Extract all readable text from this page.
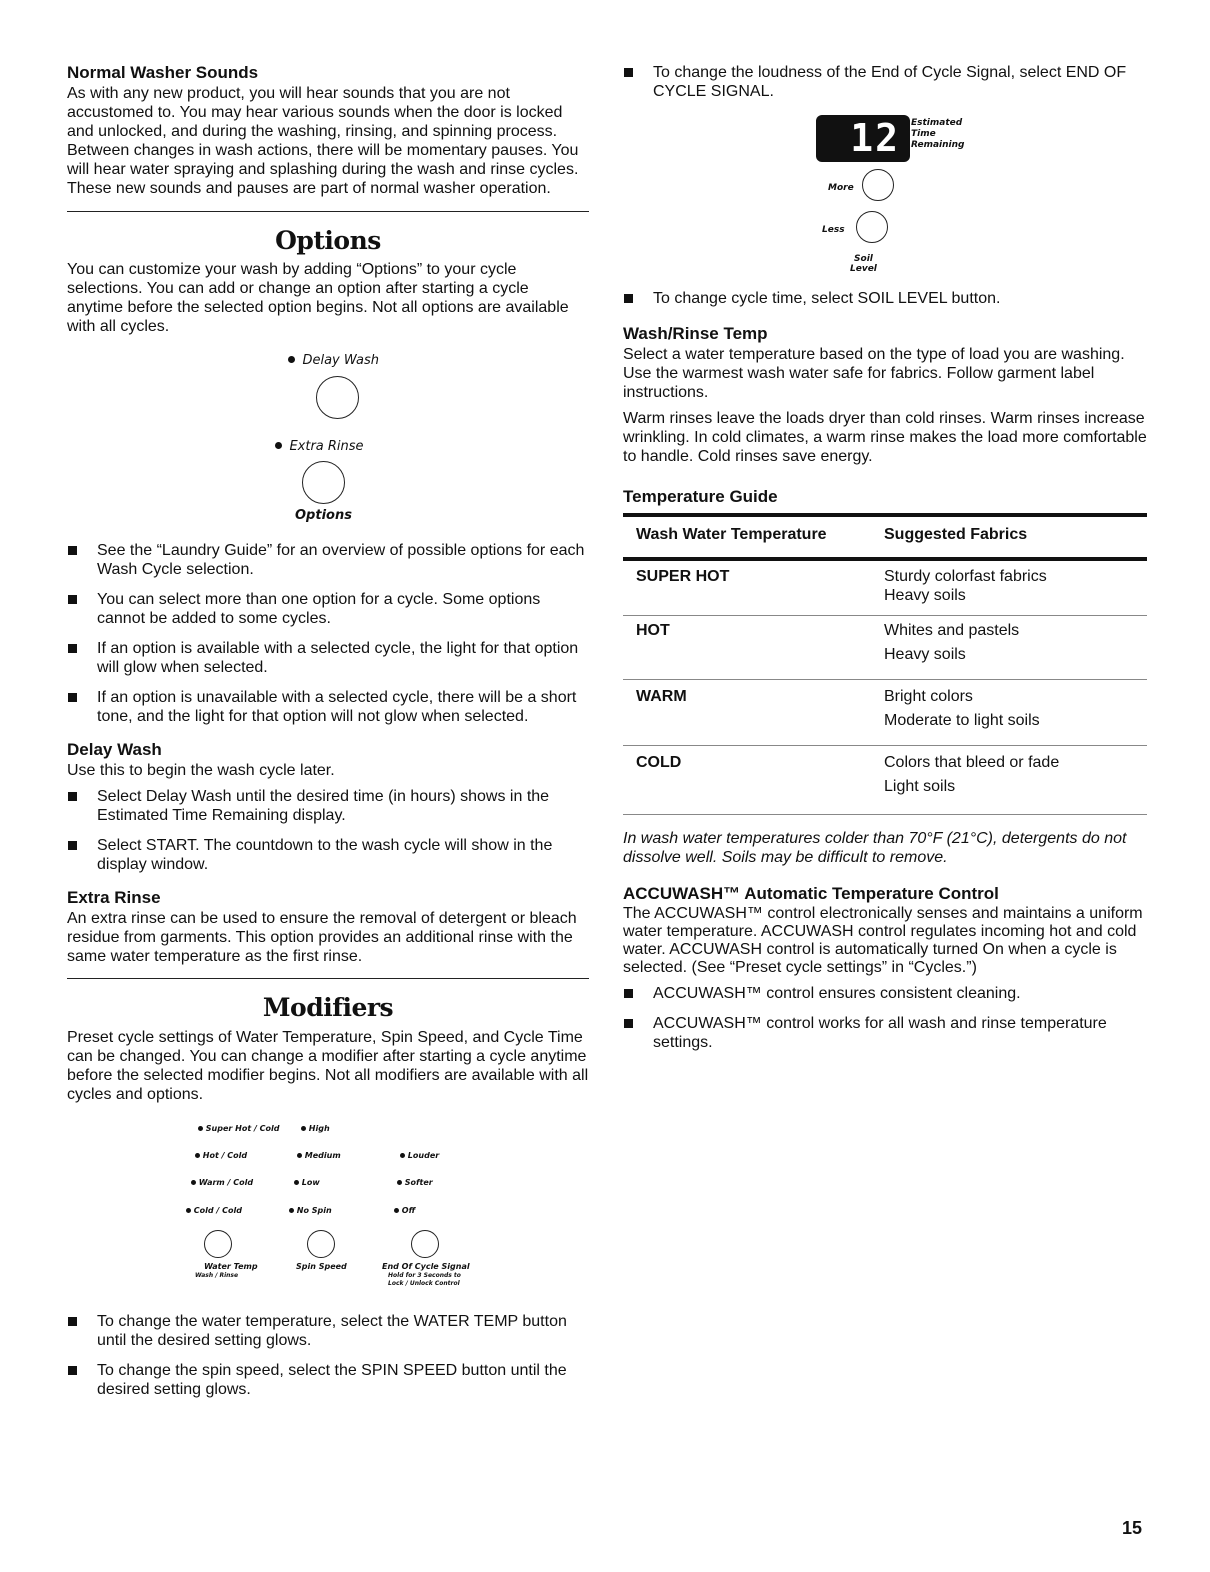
Normal Washer Sounds

As with any new product, you will hear sounds that you are not accustomed to. You may hear various sounds when the door is locked and unlocked, and during the washing, rinsing, and spinning process. Between changes in wash actions, there will be momentary pauses. You will hear water spraying and splashing during the wash and rinse cycles. These new sounds and pauses are part of normal washer operation.

Options

You can customize your wash by adding “Options” to your cycle selections. You can add or change an option after starting a cycle anytime before the selected option begins. Not all options are available with all cycles.

Delay Wash
Extra Rinse
Options
See the “Laundry Guide” for an overview of possible options for each Wash Cycle selection.
You can select more than one option for a cycle. Some options cannot be added to some cycles.
If an option is available with a selected cycle, the light for that option will glow when selected.
If an option is unavailable with a selected cycle, there will be a short tone, and the light for that option will not glow when selected.
Delay Wash

Use this to begin the wash cycle later.

Select Delay Wash until the desired time (in hours) shows in the Estimated Time Remaining display.
Select START. The countdown to the wash cycle will show in the display window.
Extra Rinse

An extra rinse can be used to ensure the removal of detergent or bleach residue from garments. This option provides an additional rinse with the same water temperature as the first rinse.

Modifiers

Preset cycle settings of Water Temperature, Spin Speed, and Cycle Time can be changed. You can change a modifier after starting a cycle anytime before the selected modifier begins. Not all modifiers are available with all cycles and options.

Super Hot / Cold
Hot / Cold
Warm / Cold
Cold / Cold
Water Temp
Wash / Rinse
High
Medium
Low
No Spin
Spin Speed
Louder
Softer
Off
End Of Cycle Signal
Hold for 3 Seconds to
Lock / Unlock Control
To change the water temperature, select the WATER TEMP button until the desired setting glows.
To change the spin speed, select the SPIN SPEED button until the desired setting glows.
To change the loudness of the End of Cycle Signal, select END OF CYCLE SIGNAL.
12	Estimated
Time
Remaining
More
Less
Soil
Level
To change cycle time, select SOIL LEVEL button.
Wash/Rinse Temp

Select a water temperature based on the type of load you are washing. Use the warmest wash water safe for fabrics. Follow garment label instructions.

Warm rinses leave the loads dryer than cold rinses. Warm rinses increase wrinkling. In cold climates, a warm rinse makes the load more comfortable to handle. Cold rinses save energy.

Temperature Guide
Wash Water Temperature	Suggested Fabrics
SUPER HOT	Sturdy colorfast fabrics
Heavy soils

HOT	Whites and pastels
Heavy soils

WARM	Bright colors
Moderate to light soils

COLD	Colors that bleed or fade
Light soils

In wash water temperatures colder than 70°F (21°C), detergents do not dissolve well. Soils may be difficult to remove.

ACCUWASH™ Automatic Temperature Control

The ACCUWASH™ control electronically senses and maintains a uniform water temperature. ACCUWASH control regulates incoming hot and cold water. ACCUWASH control is automatically turned On when a cycle is selected. (See “Preset cycle settings” in “Cycles.”)

ACCUWASH™ control ensures consistent cleaning.
ACCUWASH™ control works for all wash and rinse temperature settings.
15
